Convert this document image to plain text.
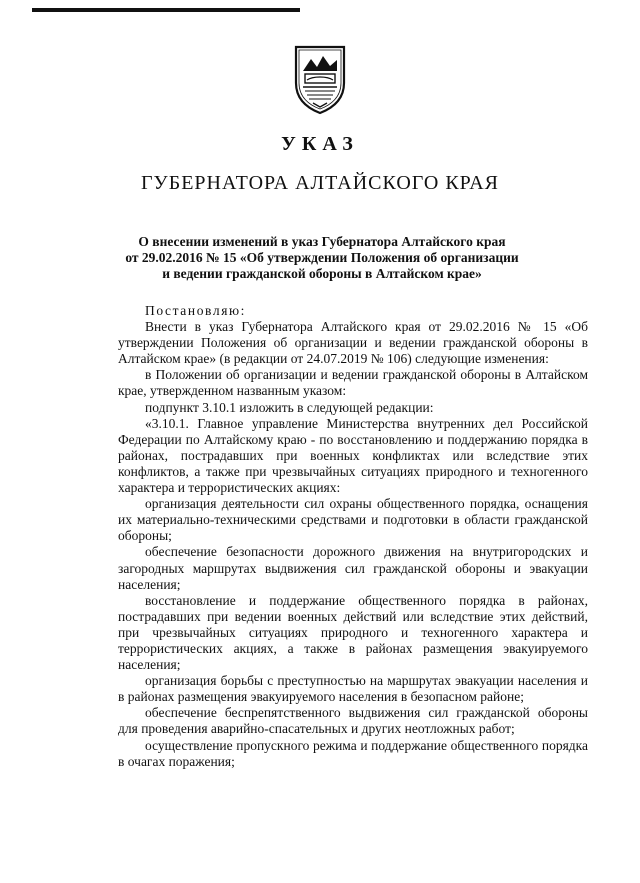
УКАЗ
ГУБЕРНАТОРА АЛТАЙСКОГО КРАЯ
О внесении изменений в указ Губернатора Алтайского края
от 29.02.2016 № 15 «Об утверждении Положения об организации
и ведении гражданской обороны в Алтайском крае»

Постановляю:

Внести в указ Губернатора Алтайского края от 29.02.2016 № 15 «Об утверждении Положения об организации и ведении гражданской обороны в Алтайском крае» (в редакции от 24.07.2019 № 106) следующие изменения:

в Положении об организации и ведении гражданской обороны в Алтайском крае, утвержденном названным указом:

подпункт 3.10.1 изложить в следующей редакции:

«3.10.1. Главное управление Министерства внутренних дел Российской Федерации по Алтайскому краю - по восстановлению и поддержанию порядка в районах, пострадавших при военных конфликтах или вследствие этих конфликтов, а также при чрезвычайных ситуациях природного и техногенного характера и террористических акциях:

организация деятельности сил охраны общественного порядка, оснащения их материально-техническими средствами и подготовки в области гражданской обороны;

обеспечение безопасности дорожного движения на внутригородских и загородных маршрутах выдвижения сил гражданской обороны и эвакуации населения;

восстановление и поддержание общественного порядка в районах, пострадавших при ведении военных действий или вследствие этих действий, при чрезвычайных ситуациях природного и техногенного характера и террористических акциях, а также в районах размещения эвакуируемого населения;

организация борьбы с преступностью на маршрутах эвакуации населения и в районах размещения эвакуируемого населения в безопасном районе;

обеспечение беспрепятственного выдвижения сил гражданской обороны для проведения аварийно-спасательных и других неотложных работ;

осуществление пропускного режима и поддержание общественного порядка в очагах поражения;
